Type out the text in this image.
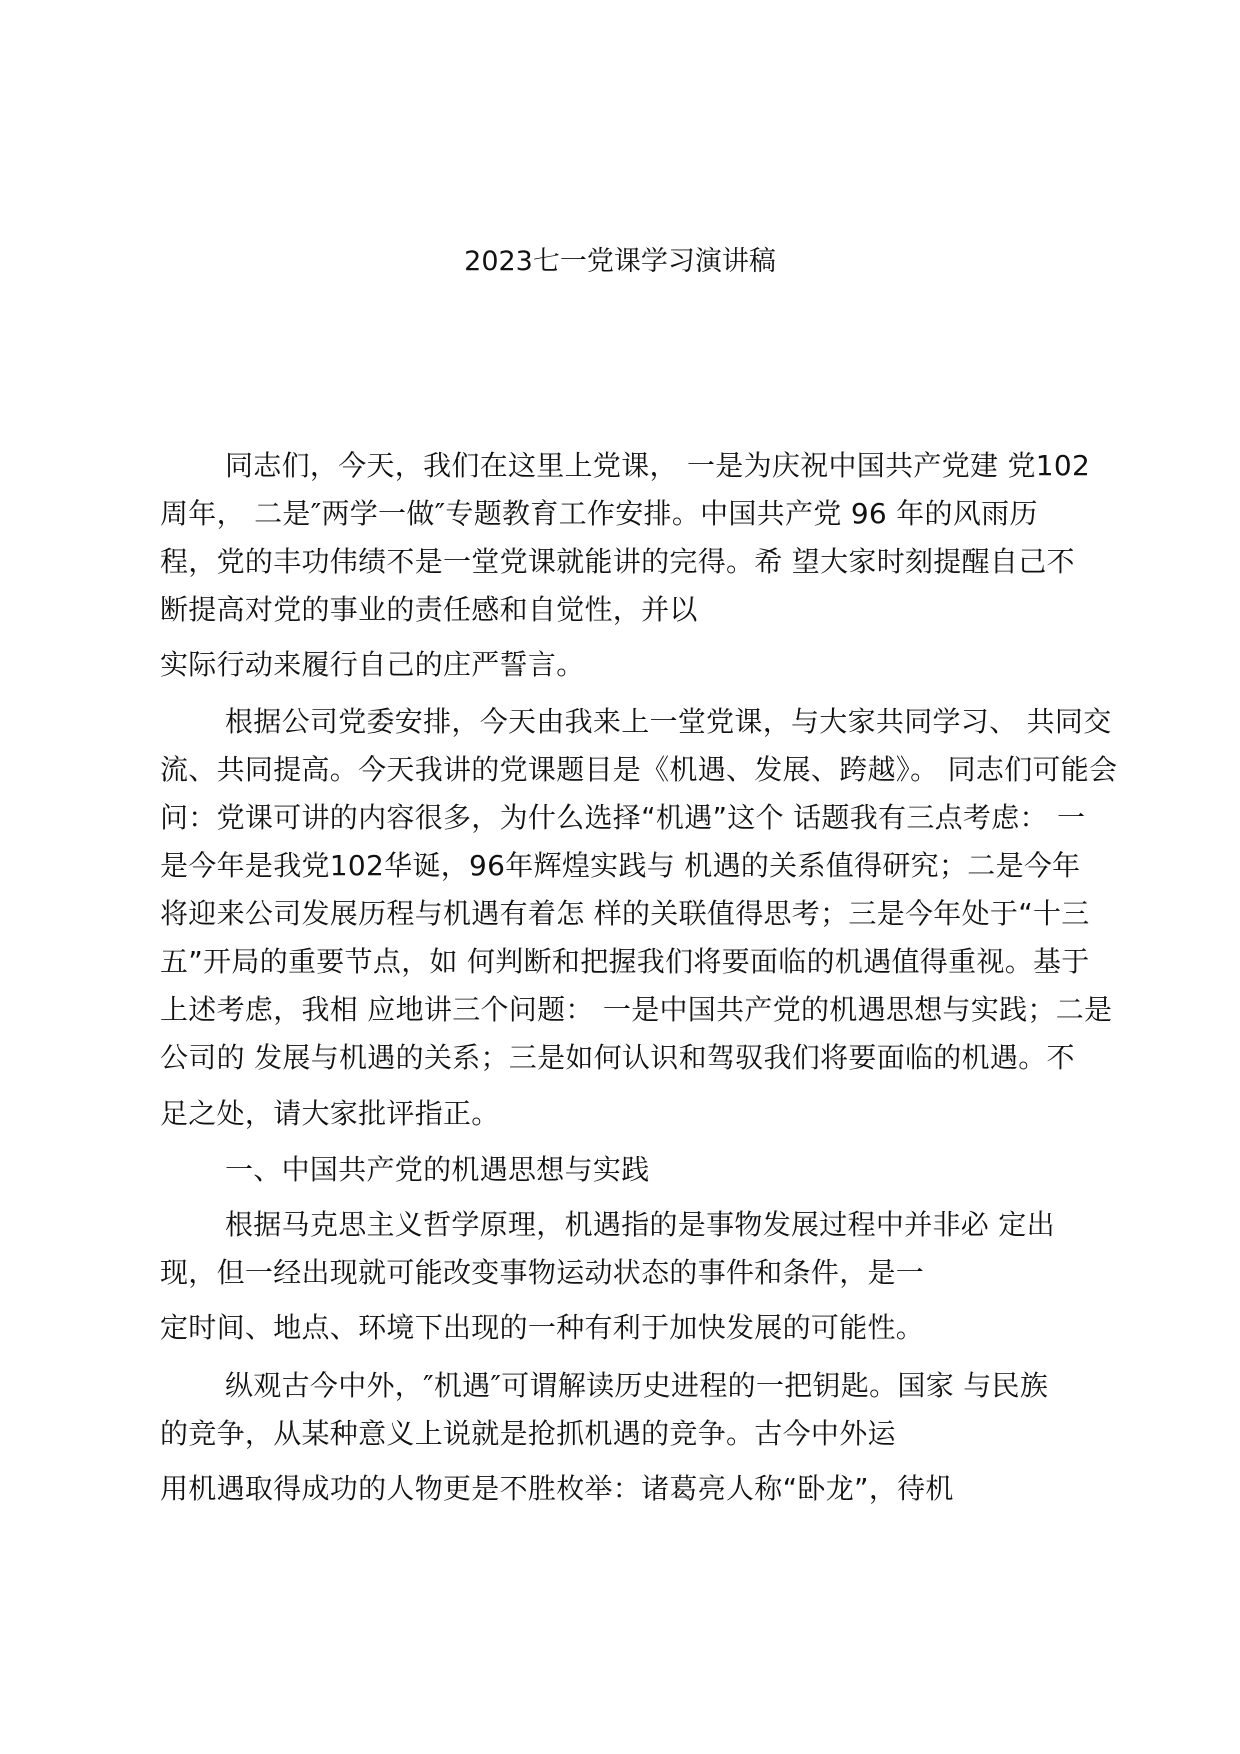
2023七一党课学习演讲稿
同志们，今天，我们在这里上党课， 一是为庆祝中国共产党建 党102
周年， 二是″两学一做″专题教育工作安排。中国共产党 96 年的风雨历
程，党的丰功伟绩不是一堂党课就能讲的完得。希 望大家时刻提醒自己不
断提高对党的事业的责任感和自觉性，并以
实际行动来履行自己的庄严誓言。
根据公司党委安排，今天由我来上一堂党课，与大家共同学习、 共同交
流、共同提高。今天我讲的党课题目是《机遇、发展、跨越》。 同志们可能会
问：党课可讲的内容很多，为什么选择“机遇”这个 话题我有三点考虑： 一
是今年是我党102华诞，96年辉煌实践与 机遇的关系值得研究；二是今年
将迎来公司发展历程与机遇有着怎 样的关联值得思考；三是今年处于“十三
五”开局的重要节点，如 何判断和把握我们将要面临的机遇值得重视。基于
上述考虑，我相 应地讲三个问题： 一是中国共产党的机遇思想与实践；二是
公司的 发展与机遇的关系；三是如何认识和驾驭我们将要面临的机遇。不
足之处，请大家批评指正。
一、中国共产党的机遇思想与实践
根据马克思主义哲学原理，机遇指的是事物发展过程中并非必 定出
现，但一经出现就可能改变事物运动状态的事件和条件，是一
定时间、地点、环境下出现的一种有利于加快发展的可能性。
纵观古今中外，″机遇″可谓解读历史进程的一把钥匙。国家 与民族
的竞争，从某种意义上说就是抢抓机遇的竞争。古今中外运
用机遇取得成功的人物更是不胜枚举：诸葛亮人称“卧龙”，待机
